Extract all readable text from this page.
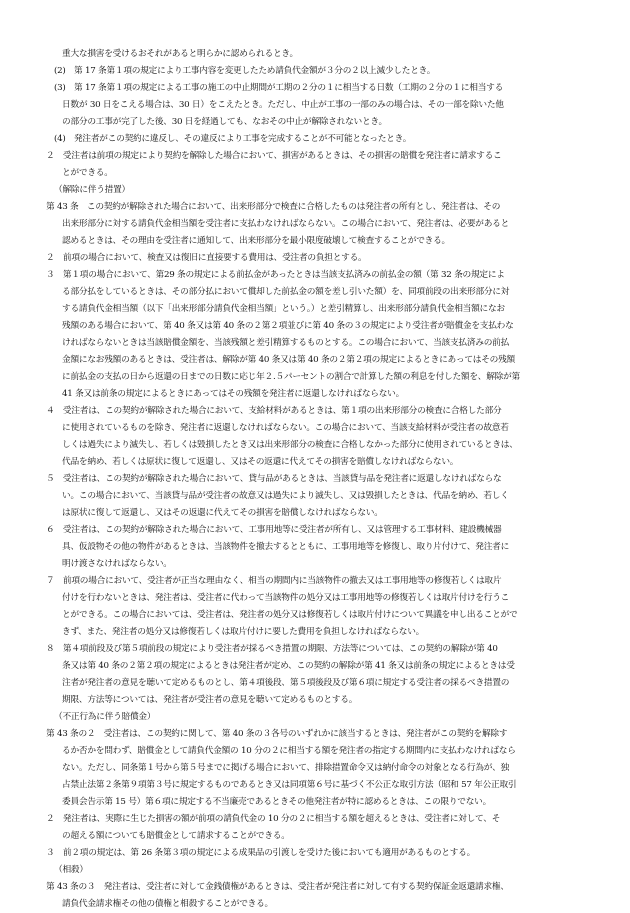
重大な損害を受けるおそれがあると明らかに認められるとき。
(2)　第 17 条第１項の規定により工事内容を変更したため請負代金額が３分の２以上減少したとき。
(3)　第 17 条第１項の規定による工事の施工の中止期間が工期の２分の１に相当する日数（工期の２分の１に相当する
日数が 30 日をこえる場合は、30 日）をこえたとき。ただし、中止が工事の一部のみの場合は、その一部を除いた他
の部分の工事が完了した後、30 日を経過しても、なおその中止が解除されないとき。
(4)　発注者がこの契約に違反し、その違反により工事を完成することが不可能となったとき。
２　受注者は前項の規定により契約を解除した場合において、損害があるときは、その損害の賠償を発注者に請求するこ
とができる。
（解除に伴う措置）
第 43 条　この契約が解除された場合において、出来形部分で検査に合格したものは発注者の所有とし、発注者は、その
出来形部分に対する請負代金相当額を受注者に支払わなければならない。この場合において、発注者は、必要があると
認めるときは、その理由を受注者に通知して、出来形部分を最小限度破壊して検査することができる。
２　前項の場合において、検査又は復旧に直接要する費用は、受注者の負担とする。
３　第１項の場合において、第29 条の規定による前払金があったときは当該支払済みの前払金の額（第 32 条の規定によ
る部分払をしているときは、その部分払において償却した前払金の額を差し引いた額）を、同項前段の出来形部分に対
する請負代金相当額（以下「出来形部分請負代金相当額」という。）と差引精算し、出来形部分請負代金相当額になお
残額のある場合において、第 40 条又は第 40 条の２第２項並びに第 40 条の３の規定により受注者が賠償金を支払わな
ければならないときは当該賠償金額を、当該残額と差引精算するものとする。この場合において、当該支払済みの前払
金額になお残額のあるときは、受注者は、解除が第 40 条又は第 40 条の２第２項の規定によるときにあってはその残額
に前払金の支払の日から返還の日までの日数に応じ年２.５パーセントの割合で計算した額の利息を付した額を、解除が第
41 条又は前条の規定によるときにあってはその残額を発注者に返還しなければならない。
４　受注者は、この契約が解除された場合において、支給材料があるときは、第１項の出来形部分の検査に合格した部分
に使用されているものを除き、発注者に返還しなければならない。この場合において、当該支給材料が受注者の故意若
しくは過失により滅失し、若しくは毀損したとき又は出来形部分の検査に合格しなかった部分に使用されているときは、
代品を納め、若しくは原状に復して返還し、又はその返還に代えてその損害を賠償しなければならない。
５　受注者は、この契約が解除された場合において、貸与品があるときは、当該貸与品を発注者に返還しなければならな
い。この場合において、当該貸与品が受注者の故意又は過失により滅失し、又は毀損したときは、代品を納め、若しく
は原状に復して返還し、又はその返還に代えてその損害を賠償しなければならない。
６　受注者は、この契約が解除された場合において、工事用地等に受注者が所有し、又は管理する工事材料、建設機械器
具、仮設物その他の物件があるときは、当該物件を撤去するとともに、工事用地等を修復し、取り片付けて、発注者に
明け渡さなければならない。
７　前項の場合において、受注者が正当な理由なく、相当の期間内に当該物件の撤去又は工事用地等の修復若しくは取片
付けを行わないときは、発注者は、受注者に代わって当該物件の処分又は工事用地等の修復若しくは取片付けを行うこ
とができる。この場合においては、受注者は、発注者の処分又は修復若しくは取片付けについて異議を申し出ることがで
きず、また、発注者の処分又は修復若しくは取片付けに要した費用を負担しなければならない。
８　第４項前段及び第５項前段の規定により受注者が採るべき措置の期限、方法等については、この契約の解除が第 40
条又は第 40 条の２第２項の規定によるときは発注者が定め、この契約の解除が第 41 条又は前条の規定によるときは受
注者が発注者の意見を聴いて定めるものとし、第４項後段、第５項後段及び第６項に規定する受注者の採るべき措置の
期限、方法等については、発注者が受注者の意見を聴いて定めるものとする。
（不正行為に伴う賠償金）
第 43 条の２　受注者は、この契約に関して、第 40 条の３各号のいずれかに該当するときは、発注者がこの契約を解除す
るか否かを問わず、賠償金として請負代金額の 10 分の２に相当する額を発注者の指定する期間内に支払わなければなら
ない。ただし、同条第１号から第５号までに掲げる場合において、排除措置命令又は納付命令の対象となる行為が、独
占禁止法第２条第９項第３号に規定するものであるとき又は同項第６号に基づく不公正な取引方法（昭和 57 年公正取引
委員会告示第 15 号）第６項に規定する不当廉売であるときその他発注者が特に認めるときは、この限りでない。
２　発注者は、実際に生じた損害の額が前項の請負代金の 10 分の２に相当する額を超えるときは、受注者に対して、そ
の超える額についても賠償金として請求することができる。
３　前２項の規定は、第 26 条第３項の規定による成果品の引渡しを受けた後においても適用があるものとする。
（相殺）
第 43 条の３　発注者は、受注者に対して金銭債権があるときは、受注者が発注者に対して有する契約保証金返還請求権、
請負代金請求権その他の債権と相殺することができる。
